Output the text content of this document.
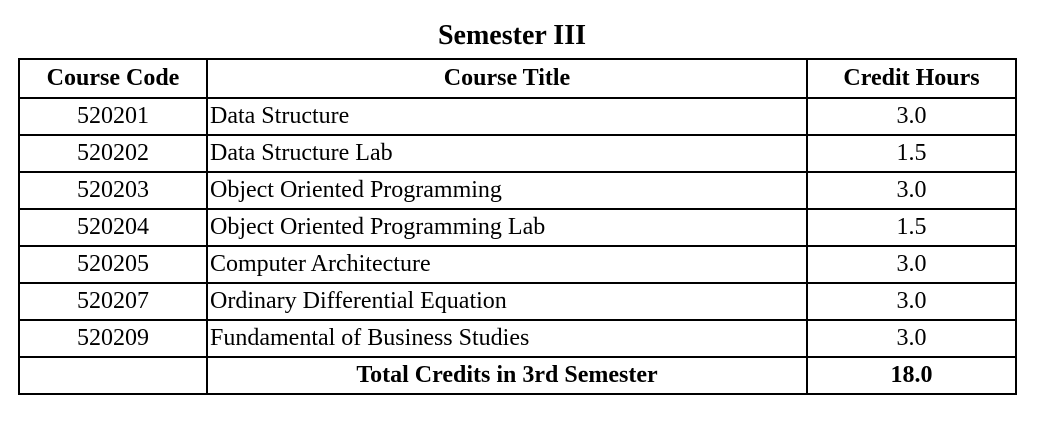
Semester III
Course Code	Course Title	Credit Hours
520201	Data Structure	3.0
520202	Data Structure Lab	1.5
520203	Object Oriented Programming	3.0
520204	Object Oriented Programming Lab	1.5
520205	Computer Architecture	3.0
520207	Ordinary Differential Equation	3.0
520209	Fundamental of Business Studies	3.0
	Total Credits in 3rd Semester	18.0
